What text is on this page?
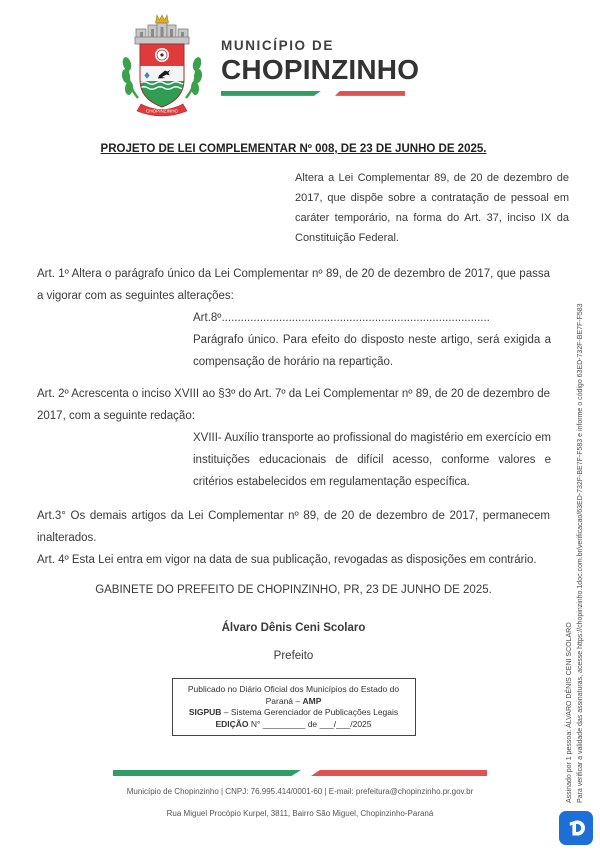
CHOPINZINHO
MUNICÍPIO DE
CHOPINZINHO
PROJETO DE LEI COMPLEMENTAR Nº 008, DE 23 DE JUNHO DE 2025.
Altera a Lei Complementar 89, de 20 de dezembro de 2017, que dispõe sobre a contratação de pessoal em caráter temporário, na forma do Art. 37, inciso IX da Constituição Federal.

Art. 1º Altera o parágrafo único da Lei Complementar nº 89, de 20 de dezembro de 2017, que passa a vigorar com as seguintes alterações:

Art.8º....................................................................................

Parágrafo único. Para efeito do disposto neste artigo, será exigida a compensação de horário na repartição.

Art. 2º Acrescenta o inciso XVIII ao §3º do Art. 7º da Lei Complementar nº 89, de 20 de dezembro de 2017, com a seguinte redação:

XVIII- Auxílio transporte ao profissional do magistério em exercício em instituições educacionais de difícil acesso, conforme valores e critérios estabelecidos em regulamentação específica.

Art.3° Os demais artigos da Lei Complementar nº 89, de 20 de dezembro de 2017, permanecem inalterados.

Art. 4º Esta Lei entra em vigor na data de sua publicação, revogadas as disposições em contrário.

GABINETE DO PREFEITO DE CHOPINZINHO, PR, 23 DE JUNHO DE 2025.

Álvaro Dênis Ceni Scolaro

Prefeito

Publicado no Diário Oficial dos Municípios do Estado do
Paraná – AMP
SIGPUB – Sistema Gerenciador de Publicações Legais
EDIÇÃO N° _________ de ___/___/2025
Município de Chopinzinho | CNPJ: 76.995.414/0001-60 | E-mail: prefeitura@chopinzinho.pr.gov.br
Rua Miguel Procópio Kurpel, 3811, Bairro São Miguel, Chopinzinho-Paraná
Assinado por 1 pessoa: ÁLVARO DÊNIS CENI SCOLARO Para verificar a validade das assinaturas, acesse https://chopinzinho.1doc.com.br/verificacao/63ED-732F-BE7F-F583 e informe o código 63ED-732F-BE7F-F583
